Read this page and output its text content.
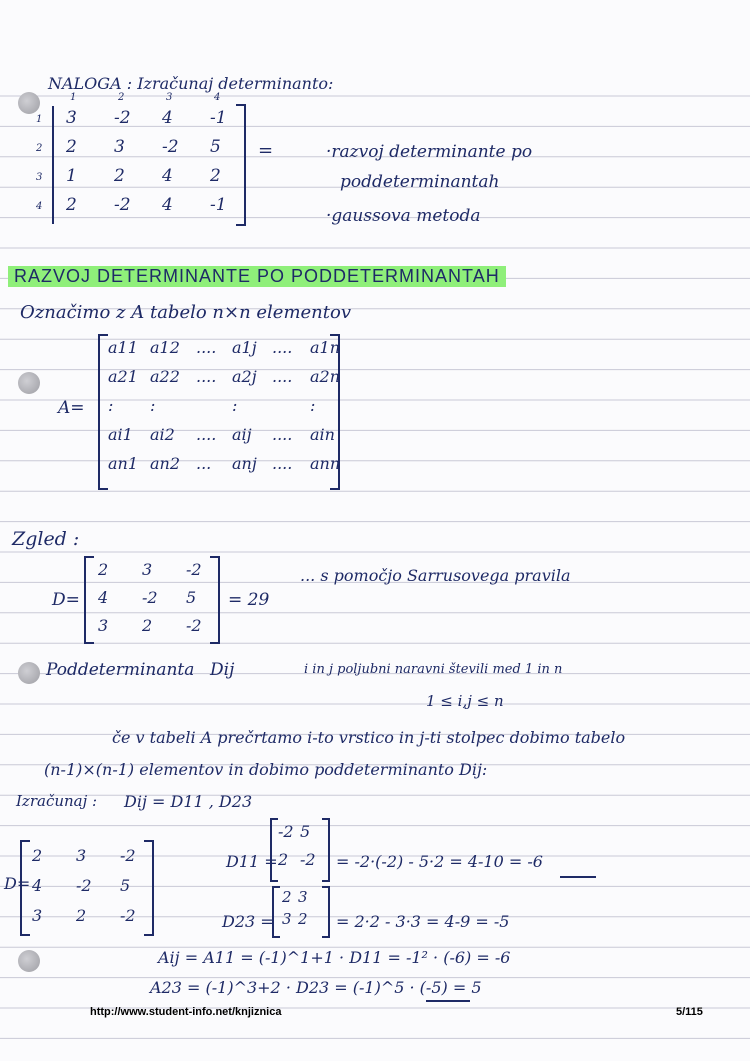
NALOGA : Izračunaj determinanto:
=	·razvoj determinante po
poddeterminantah
·gaussova metoda
RAZVOJ DETERMINANTE PO PODDETERMINANTAH
Označimo z A tabelo n×n elementov
A=
Zgled :
D=	= 29
... s pomočjo Sarrusovega pravila
Poddeterminanta Dij	i in j poljubni naravni števili med 1 in n
1 ≤ i,j ≤ n
če v tabeli A prečrtamo i-to vrstico in j-ti stolpec dobimo tabelo
(n-1)×(n-1) elementov in dobimo poddeterminanto Dij:
Izračunaj : Dij = D11 , D23
D=
D11 =	= -2·(-2) - 5·2 = 4-10 = -6
D23 =	= 2·2 - 3·3 = 4-9 = -5
Aij = A11 = (-1)^1+1 · D11 = -1² · (-6) = -6
A23 = (-1)^3+2 · D23 = (-1)^5 · (-5) = 5
http://www.student-info.net/knjiznica	5/115
3 -2 4 -1
2 3 -2 5
1 2 4 2
2 -2 4 -1
1	2	3	4
1
2
3
4
a11 a12 .... a1j .... a1n
a21 a22 .... a2j .... a2n
: :	:	:
ai1 ai2 .... aij .... ain
an1 an2 ... anj .... ann
2 3 -2
4 -2 5
3 2 -2
2 3 -2
4 -2 5
3 2 -2
-2 5
2 -2
2 3
3 2
